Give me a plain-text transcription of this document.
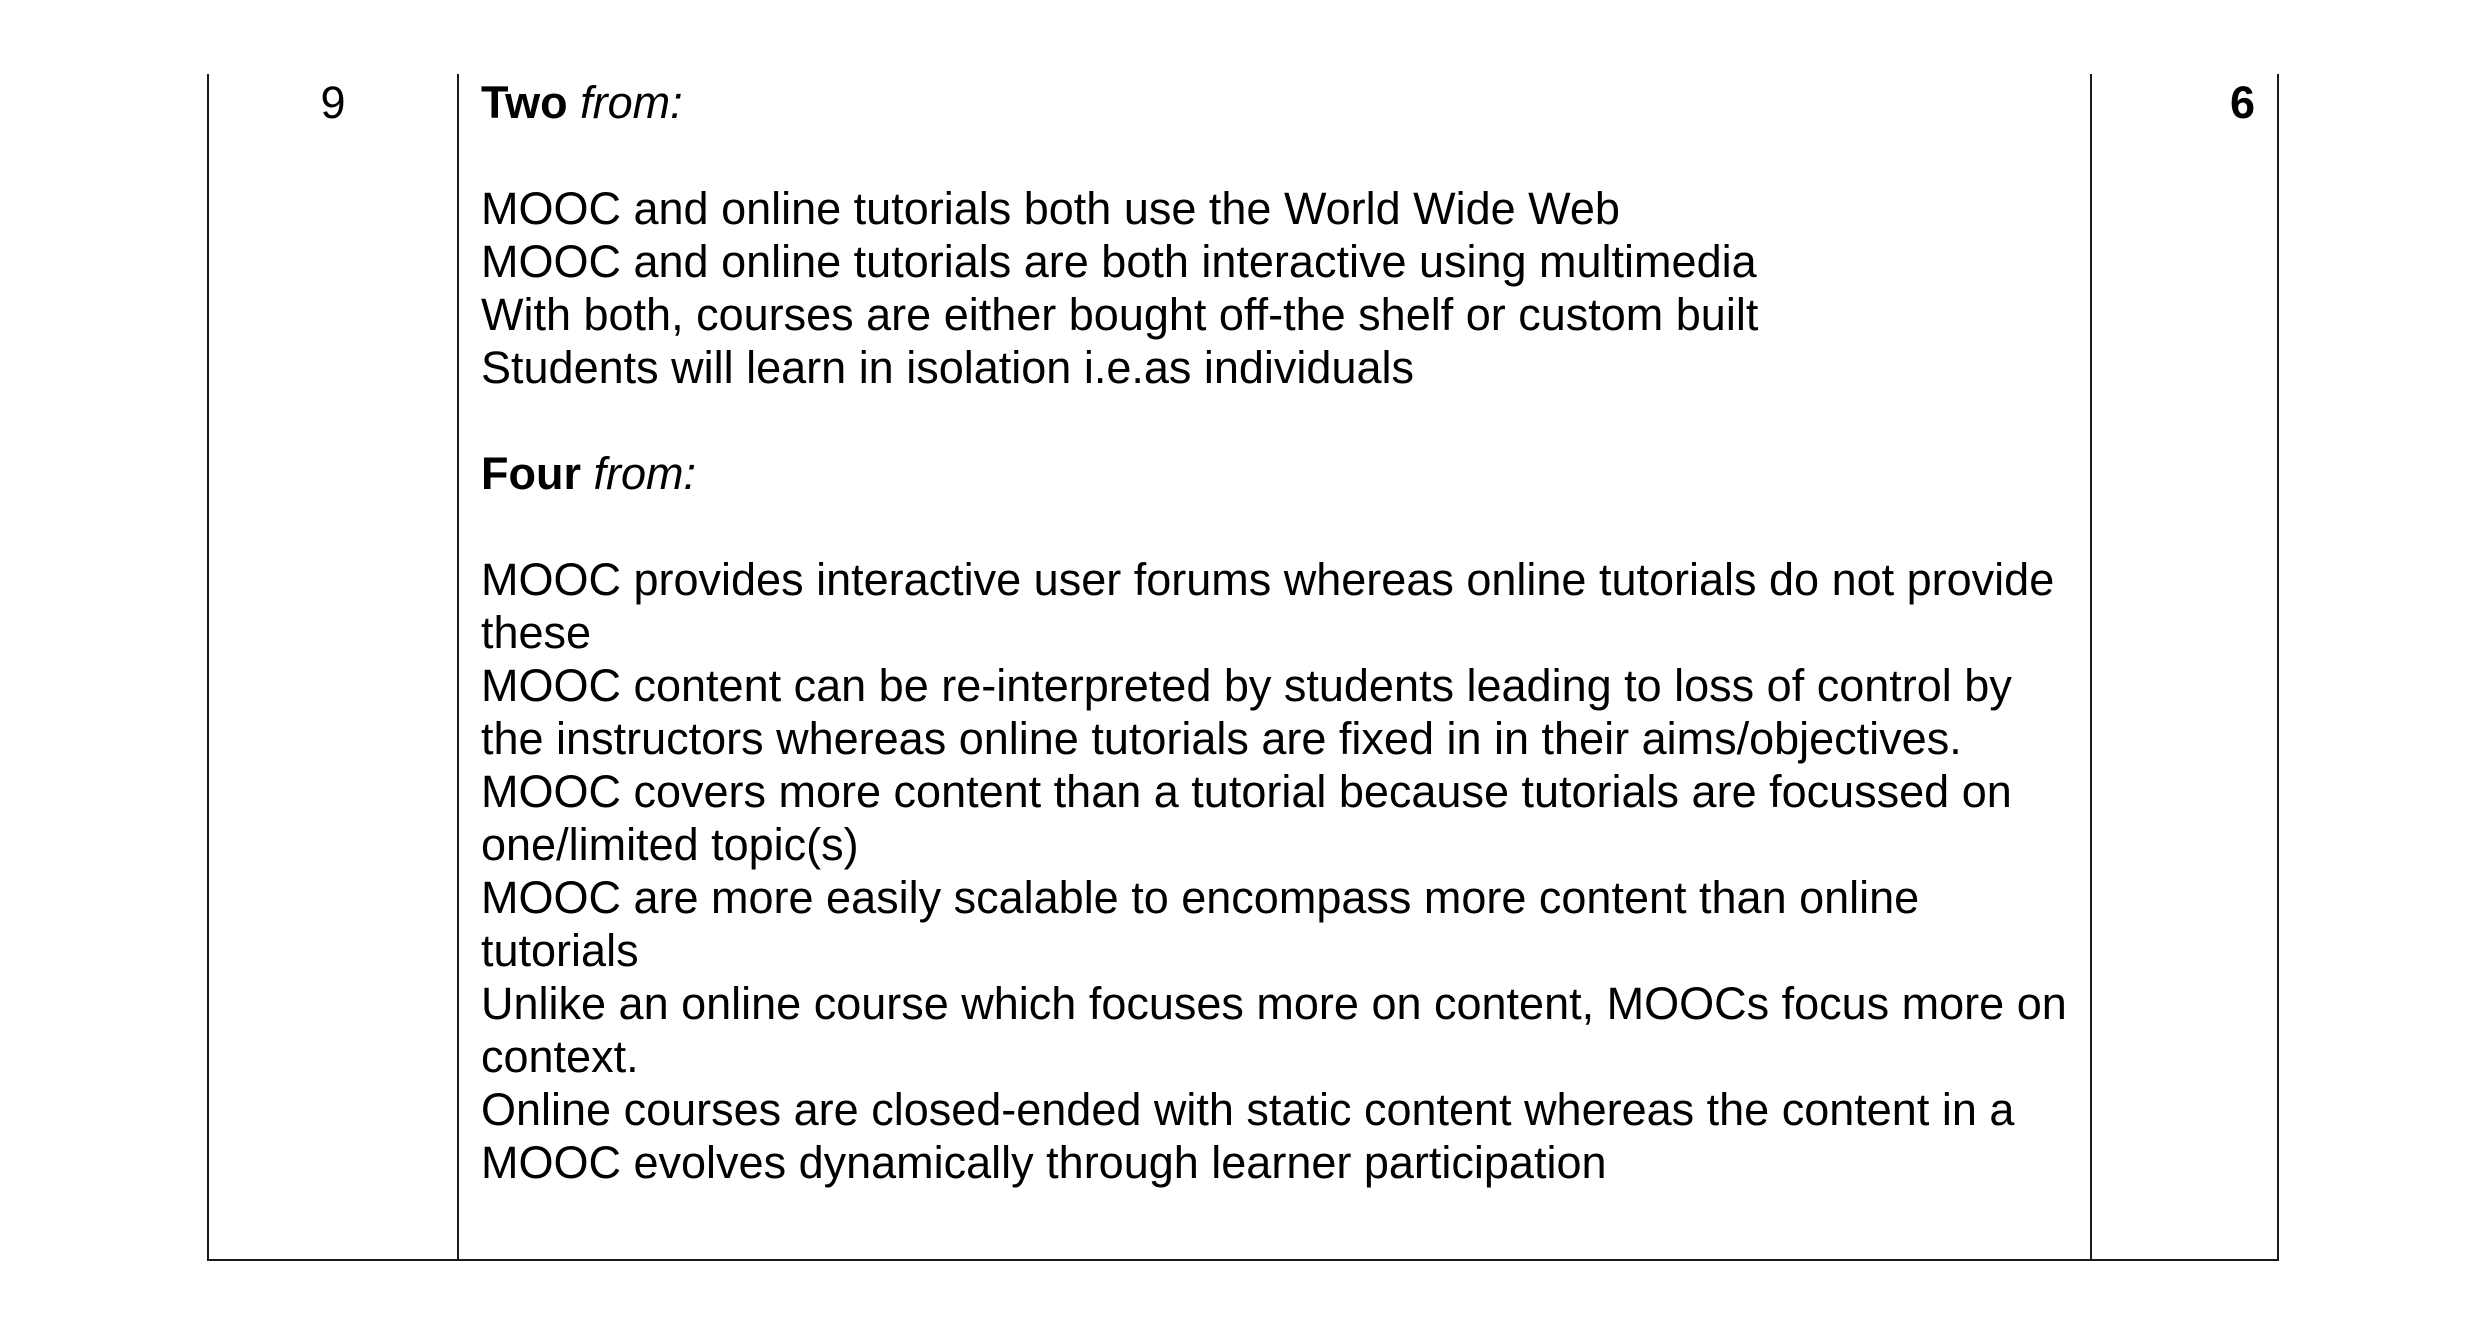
9	Two from:

MOOC and online tutorials both use the World Wide Web

MOOC and online tutorials are both interactive using multimedia

With both, courses are either bought off-the shelf or custom built

Students will learn in isolation i.e.as individuals

Four from:

MOOC provides interactive user forums whereas online tutorials do not provide these

MOOC content can be re-interpreted by students leading to loss of control by the instructors whereas online tutorials are fixed in in their aims/objectives.

MOOC covers more content than a tutorial because tutorials are focussed on one/limited topic(s)

MOOC are more easily scalable to encompass more content than online tutorials

Unlike an online course which focuses more on content, MOOCs focus more on context.

Online courses are closed-ended with static content whereas the content in a MOOC evolves dynamically through learner participation

6
